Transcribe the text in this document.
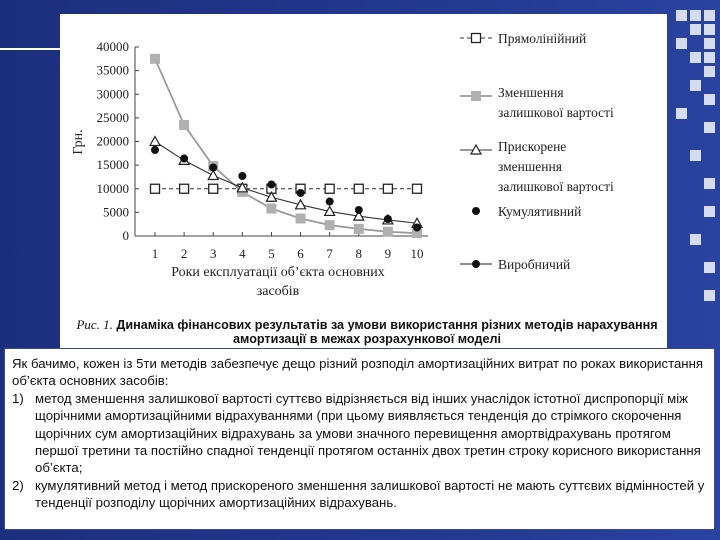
40000
35000
30000
25000
20000
15000
10000
5000
0
1 2 3 4 5 6 7 8 9 10
Грн.
Роки експлуатації об’єкта основних
засобів
Прямолінійний
Зменшення
залишкової вартості
Прискорене
зменшення
залишкової вартості
Кумулятивний
Виробничий
Рис. 1. Динаміка фінансових результатів за умови використання різних методів нарахування амортизації в межах розрахункової моделі

Як бачимо, кожен із 5ти методів забезпечує дещо різний розподіл амортизаційних витрат по роках використання об’єкта основних засобів:

1) метод зменшення залишкової вартості суттєво відрізняється від інших унаслідок істотної диспропорції між щорічними амортизаційними відрахуваннями (при цьому виявляється тенденція до стрімкого скорочення щорічних сум амортизаційних відрахувань за умови значного перевищення амортвідрахувань протягом першої третини та постійно спадної тенденції протягом останніх двох третин строку корисного використання об’єкта;
2) кумулятивний метод і метод прискореного зменшення залишкової вартості не мають суттєвих відмінностей у тенденції розподілу щорічних амортизаційних відрахувань.
